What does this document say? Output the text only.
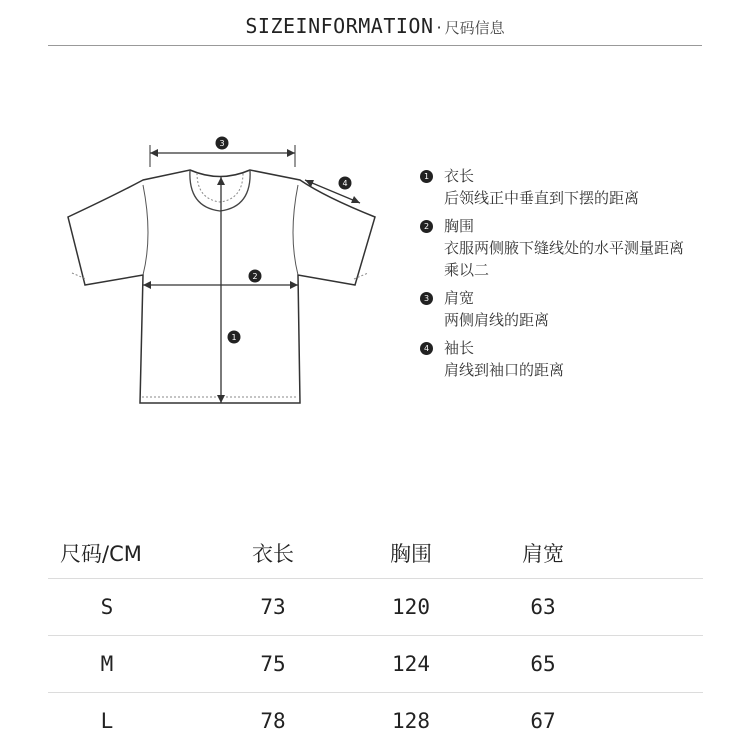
SIZEINFORMATION · 尺码信息
3
4
2
1
1 衣长
后领线正中垂直到下摆的距离
2 胸围
衣服两侧腋下缝线处的水平测量距离
乘以二
3 肩宽
两侧肩线的距离
4 袖长
肩线到袖口的距离
尺码/CM	衣长	胸围	肩宽
S	73	120	63
M	75	124	65
L	78	128	67
